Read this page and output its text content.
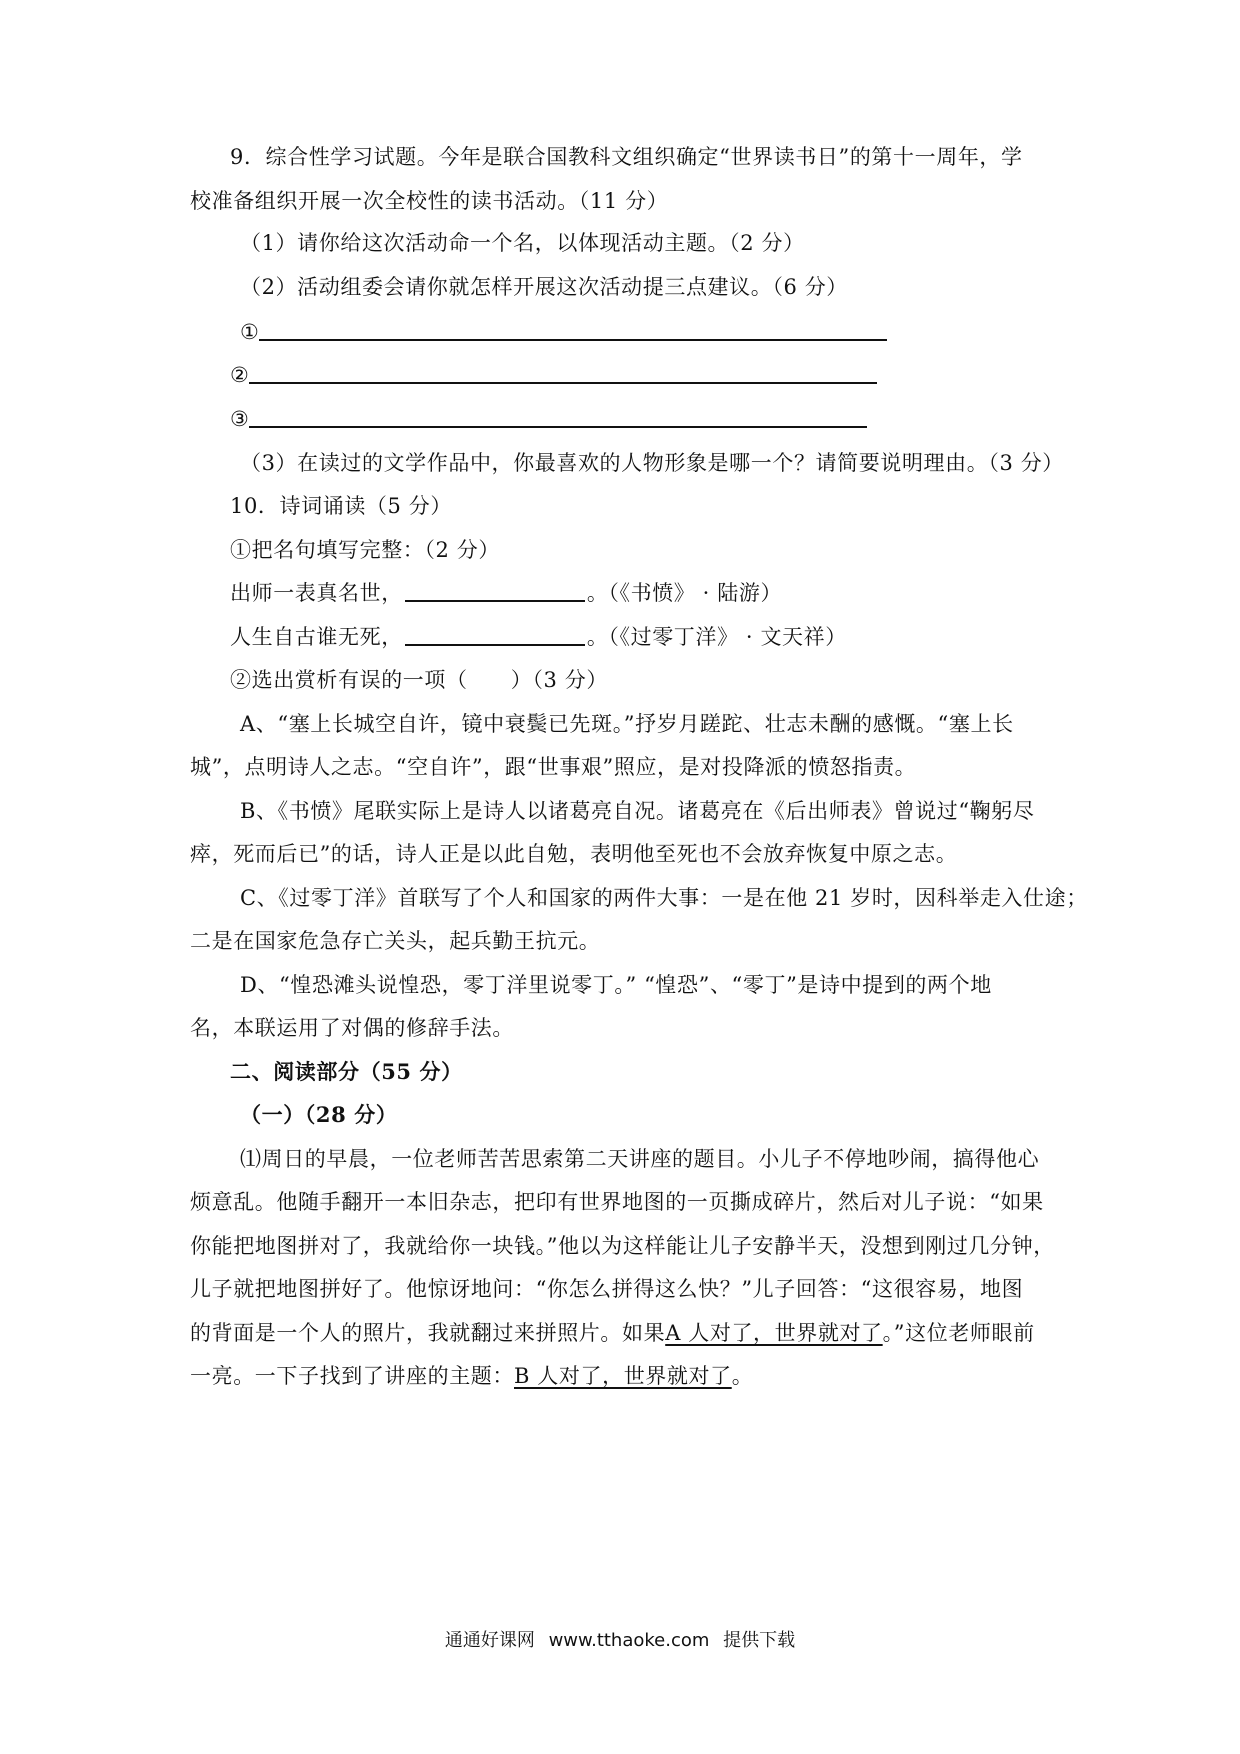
9．综合性学习试题。今年是联合国教科文组织确定“世界读书日”的第十一周年，学
校准备组织开展一次全校性的读书活动。（11 分）
（1）请你给这次活动命一个名，以体现活动主题。（2 分）
（2）活动组委会请你就怎样开展这次活动提三点建议。（6 分）
①
②
③
（3）在读过的文学作品中，你最喜欢的人物形象是哪一个？请简要说明理由。（3 分）
10．诗词诵读（5 分）
①把名句填写完整：（2 分）
出师一表真名世，	。（《书愤》 · 陆游）
人生自古谁无死，	。（《过零丁洋》 · 文天祥）
②选出赏析有误的一项（　　）（3 分）
A、“塞上长城空自许，镜中衰鬓已先斑。”抒岁月蹉跎、壮志未酬的感慨。“塞上长
城”，点明诗人之志。“空自许”，跟“世事艰”照应，是对投降派的愤怒指责。
B、《书愤》尾联实际上是诗人以诸葛亮自况。诸葛亮在《后出师表》曾说过“鞠躬尽
瘁，死而后已”的话，诗人正是以此自勉，表明他至死也不会放弃恢复中原之志。
C、《过零丁洋》首联写了个人和国家的两件大事：一是在他 21 岁时，因科举走入仕途；
二是在国家危急存亡关头，起兵勤王抗元。
D、“惶恐滩头说惶恐，零丁洋里说零丁。” “惶恐”、“零丁”是诗中提到的两个地
名，本联运用了对偶的修辞手法。
二、阅读部分（55 分）
（一）（28 分）
⑴周日的早晨，一位老师苦苦思索第二天讲座的题目。小儿子不停地吵闹，搞得他心
烦意乱。他随手翻开一本旧杂志，把印有世界地图的一页撕成碎片，然后对儿子说：“如果
你能把地图拼对了，我就给你一块钱。”他以为这样能让儿子安静半天，没想到刚过几分钟，
儿子就把地图拼好了。他惊讶地问：“你怎么拼得这么快？”儿子回答：“这很容易，地图
的背面是一个人的照片，我就翻过来拼照片。如果A 人对了，世界就对了。”这位老师眼前
一亮。一下子找到了讲座的主题：B 人对了，世界就对了。
通通好课网 www.tthaoke.com 提供下载
